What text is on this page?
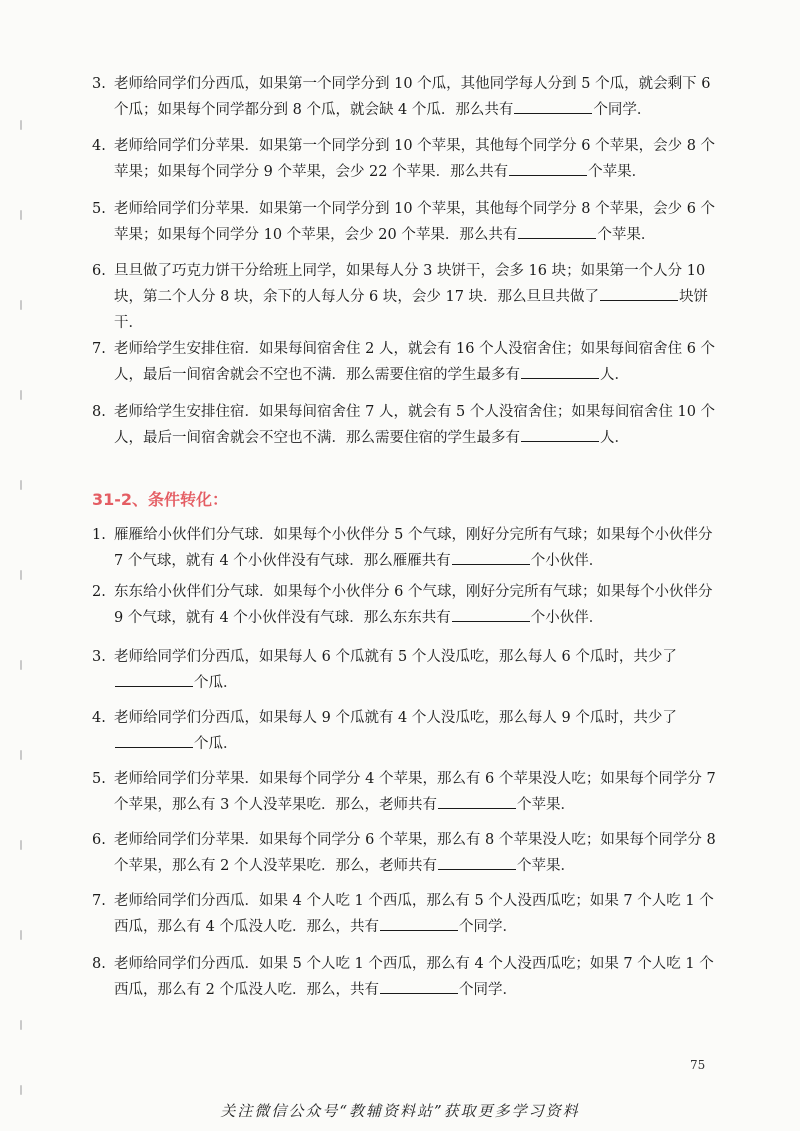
3. 老师给同学们分西瓜，如果第一个同学分到 10 个瓜，其他同学每人分到 5 个瓜，就会剩下 6 个瓜；如果每个同学都分到 8 个瓜，就会缺 4 个瓜．那么共有	个同学．
4. 老师给同学们分苹果．如果第一个同学分到 10 个苹果，其他每个同学分 6 个苹果，会少 8 个苹果；如果每个同学分 9 个苹果，会少 22 个苹果．那么共有	个苹果．
5. 老师给同学们分苹果．如果第一个同学分到 10 个苹果，其他每个同学分 8 个苹果，会少 6 个苹果；如果每个同学分 10 个苹果，会少 20 个苹果．那么共有	个苹果．
6. 旦旦做了巧克力饼干分给班上同学，如果每人分 3 块饼干，会多 16 块；如果第一个人分 10 块，第二个人分 8 块，余下的人每人分 6 块，会少 17 块．那么旦旦共做了	块饼干．
7. 老师给学生安排住宿．如果每间宿舍住 2 人，就会有 16 个人没宿舍住；如果每间宿舍住 6 个人，最后一间宿舍就会不空也不满．那么需要住宿的学生最多有	人．
8. 老师给学生安排住宿．如果每间宿舍住 7 人，就会有 5 个人没宿舍住；如果每间宿舍住 10 个人，最后一间宿舍就会不空也不满．那么需要住宿的学生最多有	人．
31-2、条件转化：
1. 雁雁给小伙伴们分气球．如果每个小伙伴分 5 个气球，刚好分完所有气球；如果每个小伙伴分 7 个气球，就有 4 个小伙伴没有气球．那么雁雁共有	个小伙伴．
2. 东东给小伙伴们分气球．如果每个小伙伴分 6 个气球，刚好分完所有气球；如果每个小伙伴分 9 个气球，就有 4 个小伙伴没有气球．那么东东共有	个小伙伴．
3. 老师给同学们分西瓜，如果每人 6 个瓜就有 5 个人没瓜吃，那么每人 6 个瓜时，共少了个瓜．
4. 老师给同学们分西瓜，如果每人 9 个瓜就有 4 个人没瓜吃，那么每人 9 个瓜时，共少了个瓜．
5. 老师给同学们分苹果．如果每个同学分 4 个苹果，那么有 6 个苹果没人吃；如果每个同学分 7 个苹果，那么有 3 个人没苹果吃．那么，老师共有	个苹果．
6. 老师给同学们分苹果．如果每个同学分 6 个苹果，那么有 8 个苹果没人吃；如果每个同学分 8 个苹果，那么有 2 个人没苹果吃．那么，老师共有	个苹果．
7. 老师给同学们分西瓜．如果 4 个人吃 1 个西瓜，那么有 5 个人没西瓜吃；如果 7 个人吃 1 个西瓜，那么有 4 个瓜没人吃．那么，共有	个同学．
8. 老师给同学们分西瓜．如果 5 个人吃 1 个西瓜，那么有 4 个人没西瓜吃；如果 7 个人吃 1 个西瓜，那么有 2 个瓜没人吃．那么，共有	个同学．
75
关注微信公众号“教辅资料站”获取更多学习资料
